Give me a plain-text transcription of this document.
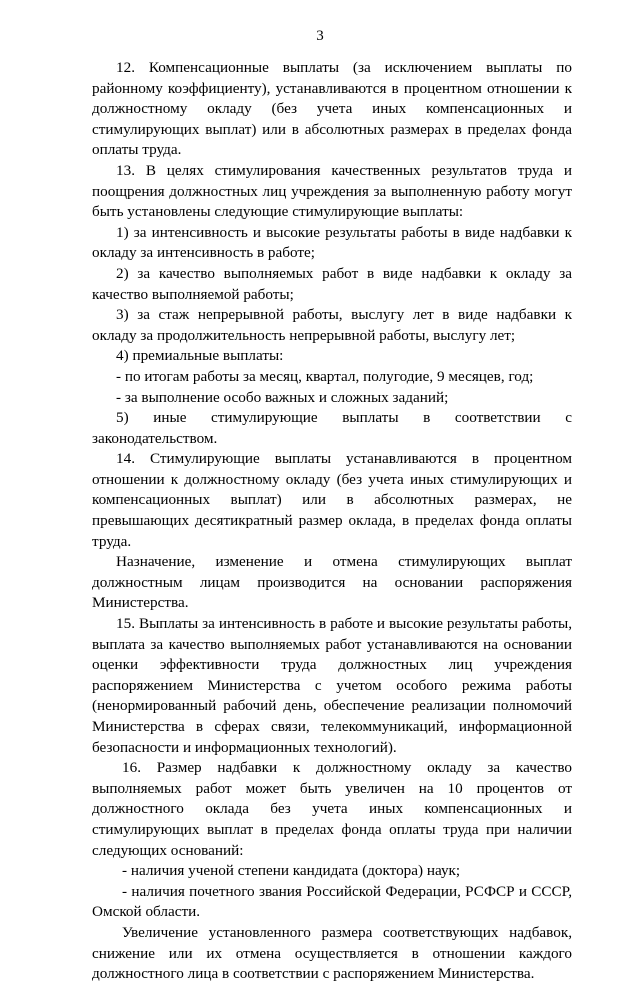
3

12. Компенсационные выплаты (за исключением выплаты по районному коэффициенту), устанавливаются в процентном отношении к должностному окладу (без учета иных компенсационных и стимулирующих выплат) или в абсолютных размерах в пределах фонда оплаты труда.

13. В целях стимулирования качественных результатов труда и поощрения должностных лиц учреждения за выполненную работу могут быть установлены следующие стимулирующие выплаты:

1) за интенсивность и высокие результаты работы в виде надбавки к окладу за интенсивность в работе;

2) за качество выполняемых работ в виде надбавки к окладу за качество выполняемой работы;

3) за стаж непрерывной работы, выслугу лет в виде надбавки к окладу за продолжительность непрерывной работы, выслугу лет;

4) премиальные выплаты:

- по итогам работы за месяц, квартал, полугодие, 9 месяцев, год;

- за выполнение особо важных и сложных заданий;

5) иные стимулирующие выплаты в соответствии с законодательством.

14. Стимулирующие выплаты устанавливаются в процентном отношении к должностному окладу (без учета иных стимулирующих и компенсационных выплат) или в абсолютных размерах, не превышающих десятикратный размер оклада, в пределах фонда оплаты труда.

Назначение, изменение и отмена стимулирующих выплат должностным лицам производится на основании распоряжения Министерства.

15. Выплаты за интенсивность в работе и высокие результаты работы, выплата за качество выполняемых работ устанавливаются на основании оценки эффективности труда должностных лиц учреждения распоряжением Министерства с учетом особого режима работы (ненормированный рабочий день, обеспечение реализации полномочий Министерства в сферах связи, телекоммуникаций, информационной безопасности и информационных технологий).

16. Размер надбавки к должностному окладу за качество выполняемых работ может быть увеличен на 10 процентов от должностного оклада без учета иных компенсационных и стимулирующих выплат в пределах фонда оплаты труда при наличии следующих оснований:

- наличия ученой степени кандидата (доктора) наук;

- наличия почетного звания Российской Федерации, РСФСР и СССР, Омской области.

Увеличение установленного размера соответствующих надбавок, снижение или их отмена осуществляется в отношении каждого должностного лица в соответствии с распоряжением Министерства.
